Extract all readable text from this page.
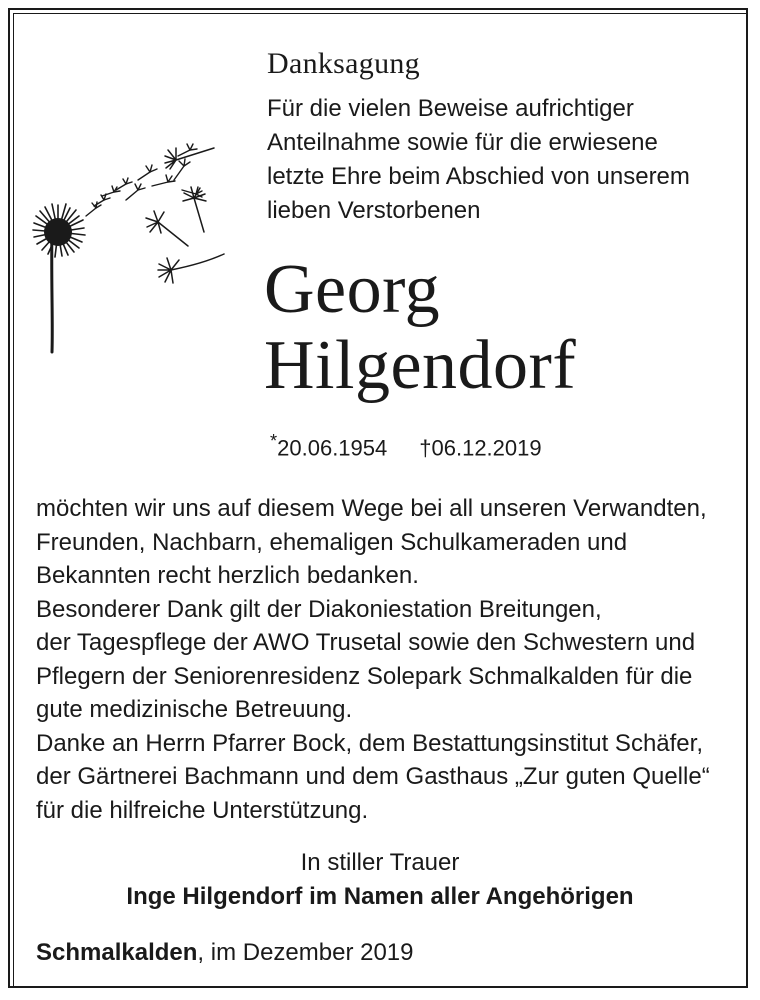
Danksagung
Für die vielen Beweise aufrichtiger
Anteilnahme sowie für die erwiesene
letzte Ehre beim Abschied von unserem
lieben Verstorbenen
Georg
Hilgendorf
*20.06.1954 †06.12.2019
möchten wir uns auf diesem Wege bei all unseren Verwandten,
Freunden, Nachbarn, ehemaligen Schulkameraden und
Bekannten recht herzlich bedanken.
Besonderer Dank gilt der Diakoniestation Breitungen,
der Tagespflege der AWO Trusetal sowie den Schwestern und
Pflegern der Seniorenresidenz Solepark Schmalkalden für die
gute medizinische Betreuung.
Danke an Herrn Pfarrer Bock, dem Bestattungsinstitut Schäfer,
der Gärtnerei Bachmann und dem Gasthaus „Zur guten Quelle“
für die hilfreiche Unterstützung.
In stiller Trauer
Inge Hilgendorf im Namen aller Angehörigen
Schmalkalden, im Dezember 2019
